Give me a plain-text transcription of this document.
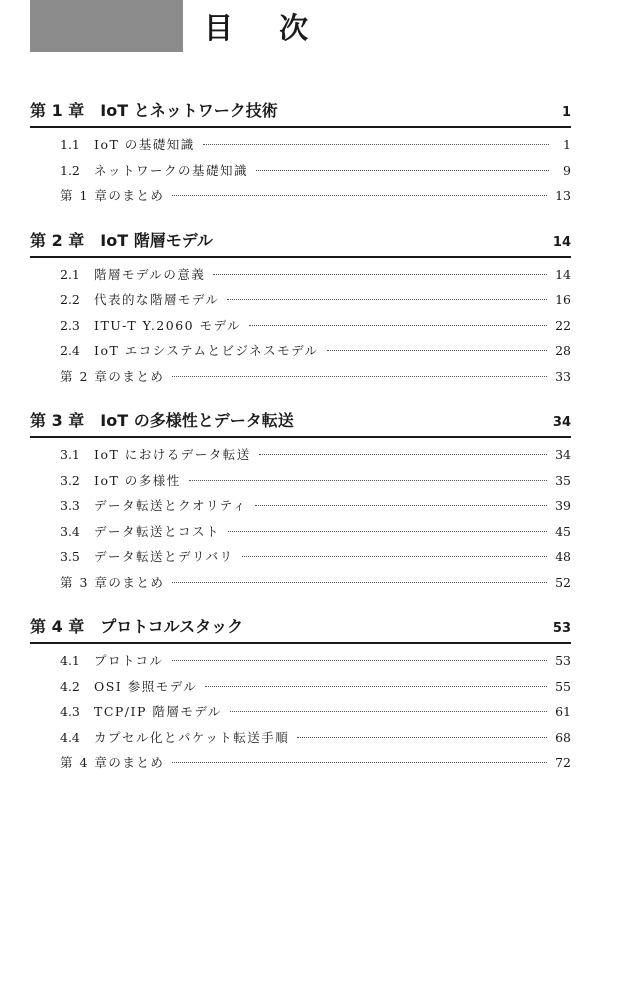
目 次
第 1 章 IoT とネットワーク技術	1
1.1	IoT の基礎知識	1
1.2	ネットワークの基礎知識	9
第 1 章のまとめ	13
第 2 章 IoT 階層モデル	14
2.1	階層モデルの意義	14
2.2	代表的な階層モデル	16
2.3	ITU-T Y.2060 モデル	22
2.4	IoT エコシステムとビジネスモデル	28
第 2 章のまとめ	33
第 3 章 IoT の多様性とデータ転送	34
3.1	IoT におけるデータ転送	34
3.2	IoT の多様性	35
3.3	データ転送とクオリティ	39
3.4	データ転送とコスト	45
3.5	データ転送とデリバリ	48
第 3 章のまとめ	52
第 4 章 プロトコルスタック	53
4.1	プロトコル	53
4.2	OSI 参照モデル	55
4.3	TCP/IP 階層モデル	61
4.4	カプセル化とパケット転送手順	68
第 4 章のまとめ	72
